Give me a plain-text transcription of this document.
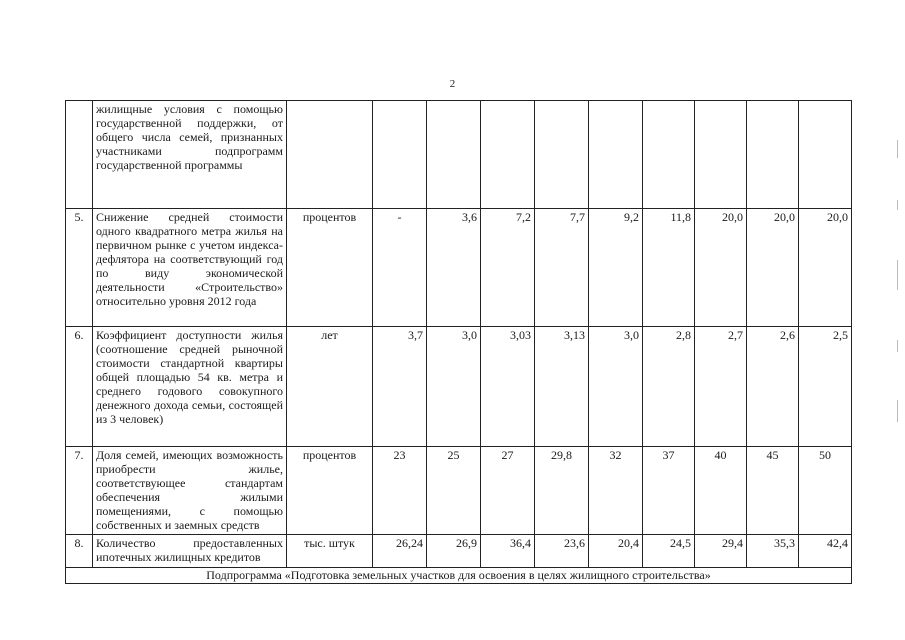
2
	жилищные условия с помощью государственной поддержки, от общего числа семей, признанных участниками подпрограмм государственной программы										
5.	Снижение средней стоимости одного квадратного метра жилья на первичном рынке с учетом индекса-дефлятора на соответствующий год по виду экономической деятельности «Строительство» относительно уровня 2012 года	процентов	-	3,6	7,2	7,7	9,2	11,8	20,0	20,0	20,0
6.	Коэффициент доступности жилья (соотношение средней рыночной стоимости стандартной квартиры общей площадью 54 кв. метра и среднего годового совокупного денежного дохода семьи, состоящей из 3 человек)	лет	3,7	3,0	3,03	3,13	3,0	2,8	2,7	2,6	2,5
7.	Доля семей, имеющих возможность приобрести жилье, соответствующее стандартам обеспечения жилыми помещениями, с помощью собственных и заемных средств	процентов	23	25	27	29,8	32	37	40	45	50
8.	Количество предоставленных ипотечных жилищных кредитов	тыс. штук	26,24	26,9	36,4	23,6	20,4	24,5	29,4	35,3	42,4
Подпрограмма «Подготовка земельных участков для освоения в целях жилищного строительства»											
